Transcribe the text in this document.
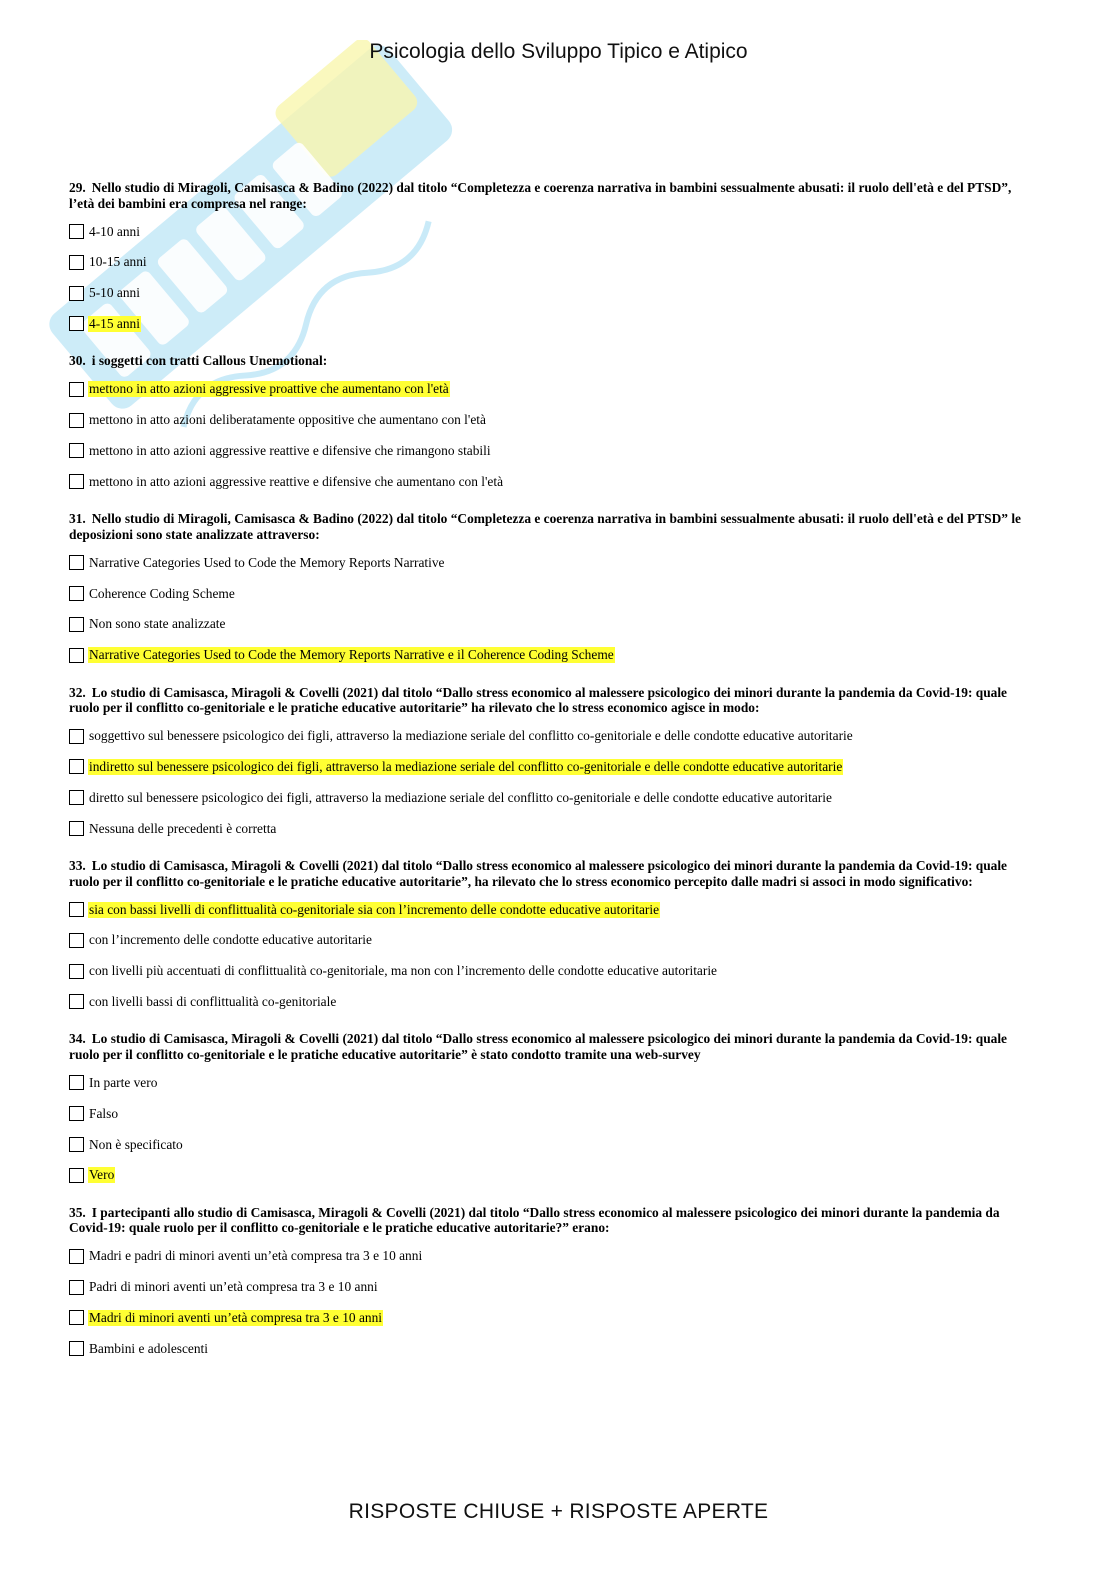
Psicologia dello Sviluppo Tipico e Atipico
29. Nello studio di Miragoli, Camisasca & Badino (2022) dal titolo “Completezza e coerenza narrativa in bambini sessualmente abusati: il ruolo dell'età e del PTSD”, l’età dei bambini era compresa nel range:
4-10 anni
10-15 anni
5-10 anni
4-15 anni
30. i soggetti con tratti Callous Unemotional:
mettono in atto azioni aggressive proattive che aumentano con l'età
mettono in atto azioni deliberatamente oppositive che aumentano con l'età
mettono in atto azioni aggressive reattive e difensive che rimangono stabili
mettono in atto azioni aggressive reattive e difensive che aumentano con l'età
31. Nello studio di Miragoli, Camisasca & Badino (2022) dal titolo “Completezza e coerenza narrativa in bambini sessualmente abusati: il ruolo dell'età e del PTSD” le deposizioni sono state analizzate attraverso:
Narrative Categories Used to Code the Memory Reports Narrative
Coherence Coding Scheme
Non sono state analizzate
Narrative Categories Used to Code the Memory Reports Narrative e il Coherence Coding Scheme
32. Lo studio di Camisasca, Miragoli & Covelli (2021) dal titolo “Dallo stress economico al malessere psicologico dei minori durante la pandemia da Covid-19: quale ruolo per il conflitto co-genitoriale e le pratiche educative autoritarie” ha rilevato che lo stress economico agisce in modo:
soggettivo sul benessere psicologico dei figli, attraverso la mediazione seriale del conflitto co-genitoriale e delle condotte educative autoritarie
indiretto sul benessere psicologico dei figli, attraverso la mediazione seriale del conflitto co-genitoriale e delle condotte educative autoritarie
diretto sul benessere psicologico dei figli, attraverso la mediazione seriale del conflitto co-genitoriale e delle condotte educative autoritarie
Nessuna delle precedenti è corretta
33. Lo studio di Camisasca, Miragoli & Covelli (2021) dal titolo “Dallo stress economico al malessere psicologico dei minori durante la pandemia da Covid-19: quale ruolo per il conflitto co-genitoriale e le pratiche educative autoritarie”, ha rilevato che lo stress economico percepito dalle madri si associ in modo significativo:
sia con bassi livelli di conflittualità co-genitoriale sia con l’incremento delle condotte educative autoritarie
con l’incremento delle condotte educative autoritarie
con livelli più accentuati di conflittualità co-genitoriale, ma non con l’incremento delle condotte educative autoritarie
con livelli bassi di conflittualità co-genitoriale
34. Lo studio di Camisasca, Miragoli & Covelli (2021) dal titolo “Dallo stress economico al malessere psicologico dei minori durante la pandemia da Covid-19: quale ruolo per il conflitto co-genitoriale e le pratiche educative autoritarie” è stato condotto tramite una web-survey
In parte vero
Falso
Non è specificato
Vero
35. I partecipanti allo studio di Camisasca, Miragoli & Covelli (2021) dal titolo “Dallo stress economico al malessere psicologico dei minori durante la pandemia da Covid-19: quale ruolo per il conflitto co-genitoriale e le pratiche educative autoritarie?” erano:
Madri e padri di minori aventi un’età compresa tra 3 e 10 anni
Padri di minori aventi un’età compresa tra 3 e 10 anni
Madri di minori aventi un’età compresa tra 3 e 10 anni
Bambini e adolescenti
RISPOSTE CHIUSE + RISPOSTE APERTE
